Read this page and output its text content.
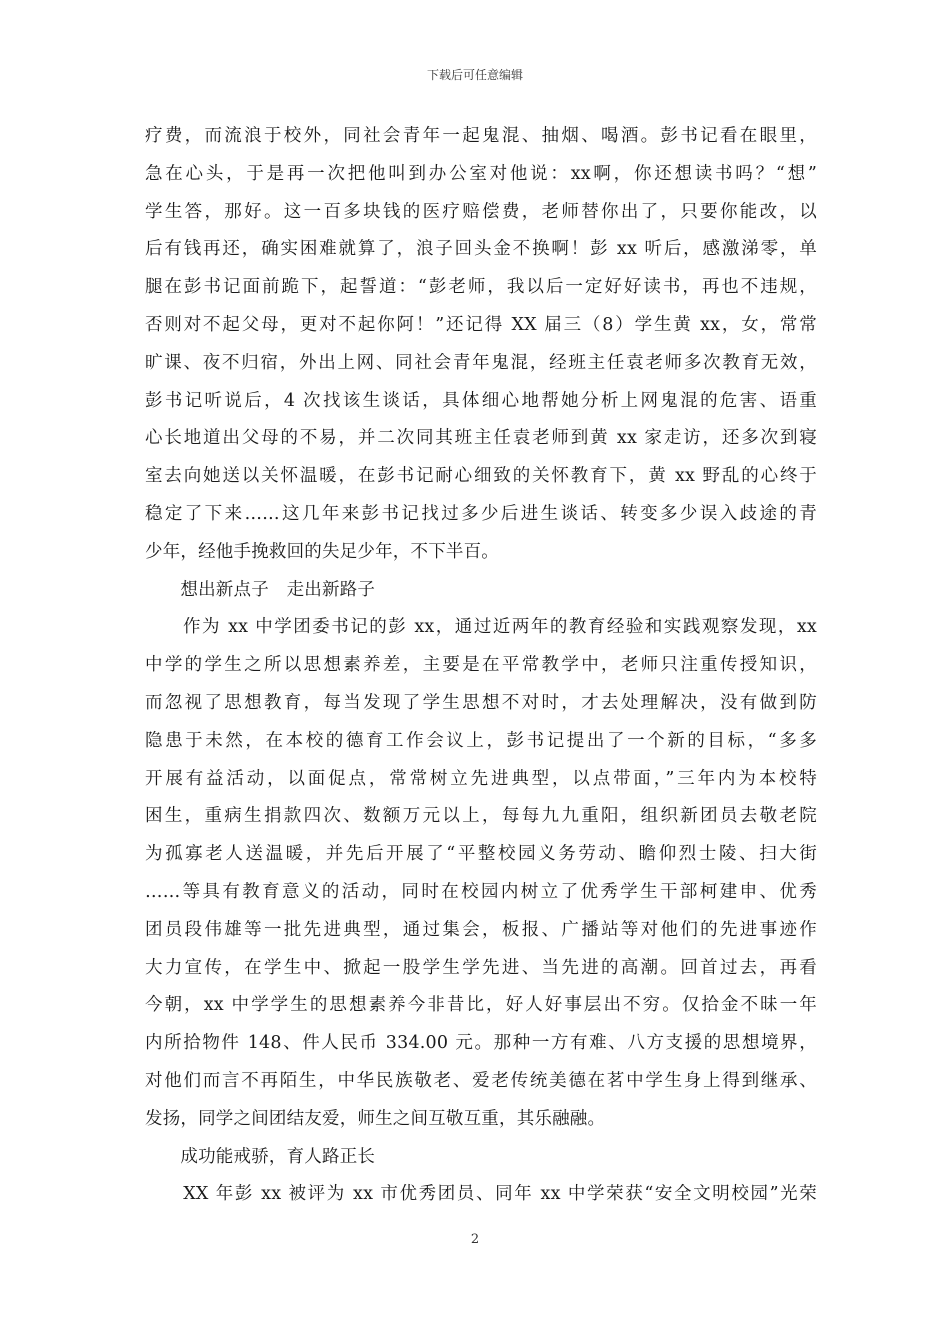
下载后可任意编辑
疗费，而流浪于校外，同社会青年一起鬼混、抽烟、喝酒。彭书记看在眼里，
急在心头，于是再一次把他叫到办公室对他说：xx啊，你还想读书吗？“想”
学生答，那好。这一百多块钱的医疗赔偿费，老师替你出了，只要你能改，以
后有钱再还，确实困难就算了，浪子回头金不换啊！彭 xx 听后，感激涕零，单
腿在彭书记面前跪下，起誓道：“彭老师，我以后一定好好读书，再也不违规，
否则对不起父母，更对不起你阿！”还记得 XX 届三（8）学生黄 xx，女，常常
旷课、夜不归宿，外出上网、同社会青年鬼混，经班主任袁老师多次教育无效，
彭书记听说后，4 次找该生谈话，具体细心地帮她分析上网鬼混的危害、语重
心长地道出父母的不易，并二次同其班主任袁老师到黄 xx 家走访，还多次到寝
室去向她送以关怀温暖，在彭书记耐心细致的关怀教育下，黄 xx 野乱的心终于
稳定了下来……这几年来彭书记找过多少后进生谈话、转变多少误入歧途的青
少年，经他手挽救回的失足少年，不下半百。
　　想出新点子　走出新路子
　　作为 xx 中学团委书记的彭 xx，通过近两年的教育经验和实践观察发现，xx
中学的学生之所以思想素养差，主要是在平常教学中，老师只注重传授知识，
而忽视了思想教育，每当发现了学生思想不对时，才去处理解决，没有做到防
隐患于未然，在本校的德育工作会议上，彭书记提出了一个新的目标，“多多
开展有益活动，以面促点，常常树立先进典型，以点带面，”三年内为本校特
困生，重病生捐款四次、数额万元以上，每每九九重阳，组织新团员去敬老院
为孤寡老人送温暖，并先后开展了“平整校园义务劳动、瞻仰烈士陵、扫大街
……等具有教育意义的活动，同时在校园内树立了优秀学生干部柯建申、优秀
团员段伟雄等一批先进典型，通过集会，板报、广播站等对他们的先进事迹作
大力宣传，在学生中、掀起一股学生学先进、当先进的高潮。回首过去，再看
今朝，xx 中学学生的思想素养今非昔比，好人好事层出不穷。仅拾金不昧一年
内所拾物件 148、件人民币 334.00 元。那种一方有难、八方支援的思想境界，
对他们而言不再陌生，中华民族敬老、爱老传统美德在茗中学生身上得到继承、
发扬，同学之间团结友爱，师生之间互敬互重，其乐融融。
　　成功能戒骄，育人路正长
　　XX 年彭 xx 被评为 xx 市优秀团员、同年 xx 中学荣获“安全文明校园”光荣
2
